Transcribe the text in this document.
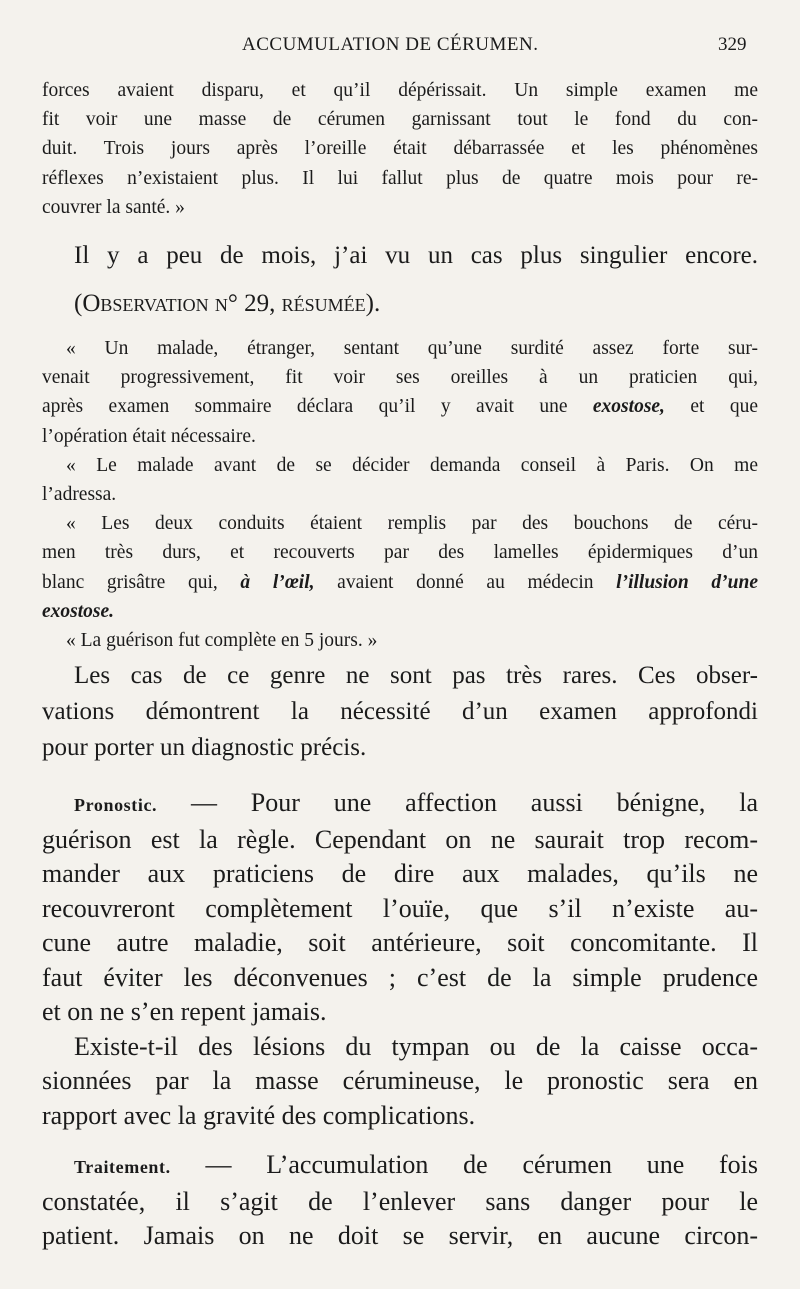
ACCUMULATION DE CÉRUMEN.	329
forces avaient disparu, et qu’il dépérissait. Un simple examen me
fit voir une masse de cérumen garnissant tout le fond du con-
duit. Trois jours après l’oreille était débarrassée et les phénomènes
réflexes n’existaient plus. Il lui fallut plus de quatre mois pour re-
couvrer la santé. »
Il y a peu de mois, j’ai vu un cas plus singulier encore.
(Observation n° 29, résumée).
« Un malade, étranger, sentant qu’une surdité assez forte sur-
venait progressivement, fit voir ses oreilles à un praticien qui,
après examen sommaire déclara qu’il y avait une exostose, et que
l’opération était nécessaire.
« Le malade avant de se décider demanda conseil à Paris. On me
l’adressa.
« Les deux conduits étaient remplis par des bouchons de céru-
men très durs, et recouverts par des lamelles épidermiques d’un
blanc grisâtre qui, à l’œil, avaient donné au médecin l’illusion d’une
exostose.
« La guérison fut complète en 5 jours. »
Les cas de ce genre ne sont pas très rares. Ces obser-
vations démontrent la nécessité d’un examen approfondi
pour porter un diagnostic précis.
Pronostic. — Pour une affection aussi bénigne, la
guérison est la règle. Cependant on ne saurait trop recom-
mander aux praticiens de dire aux malades, qu’ils ne
recouvreront complètement l’ouïe, que s’il n’existe au-
cune autre maladie, soit antérieure, soit concomitante. Il
faut éviter les déconvenues ; c’est de la simple prudence
et on ne s’en repent jamais.
Existe-t-il des lésions du tympan ou de la caisse occa-
sionnées par la masse cérumineuse, le pronostic sera en
rapport avec la gravité des complications.
Traitement. — L’accumulation de cérumen une fois
constatée, il s’agit de l’enlever sans danger pour le
patient. Jamais on ne doit se servir, en aucune circon-
